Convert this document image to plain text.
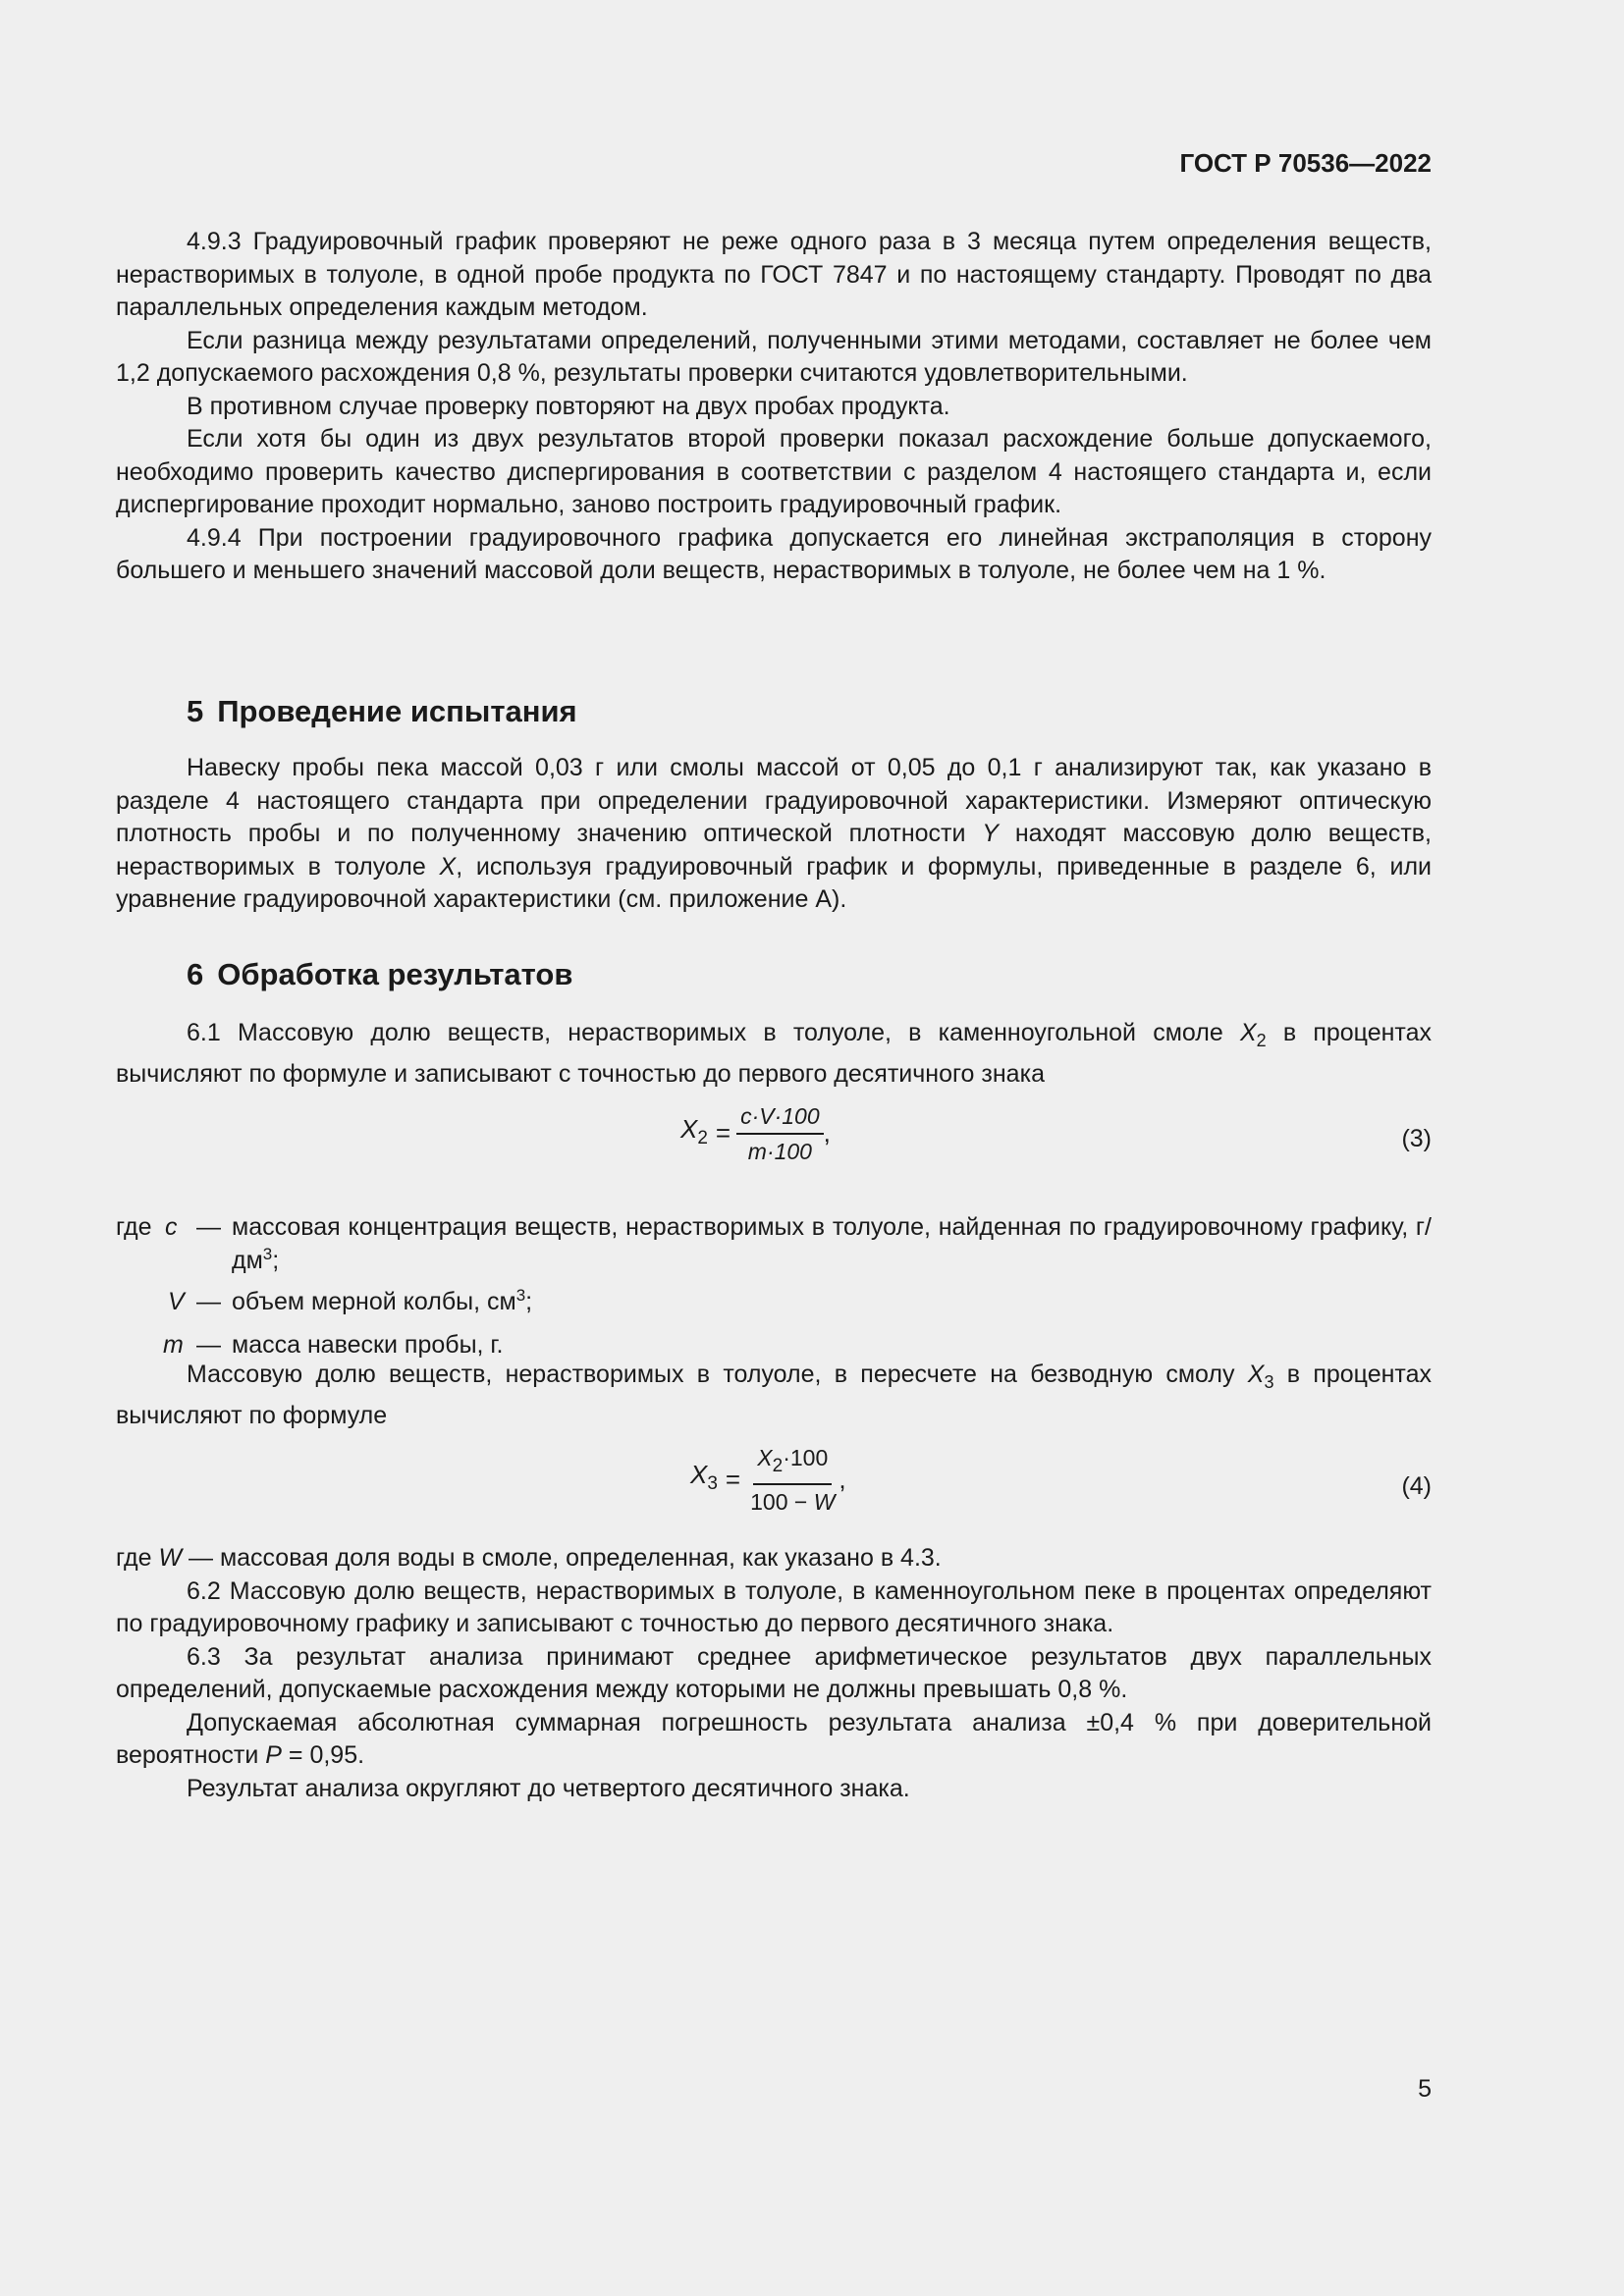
ГОСТ Р 70536—2022

4.9.3 Градуировочный график проверяют не реже одного раза в 3 месяца путем определения веществ, нерастворимых в толуоле, в одной пробе продукта по ГОСТ 7847 и по настоящему стандарту. Проводят по два параллельных определения каждым методом.

Если разница между результатами определений, полученными этими методами, составляет не более чем 1,2 допускаемого расхождения 0,8 %, результаты проверки считаются удовлетворительными.

В противном случае проверку повторяют на двух пробах продукта.

Если хотя бы один из двух результатов второй проверки показал расхождение больше допускаемого, необходимо проверить качество диспергирования в соответствии с разделом 4 настоящего стандарта и, если диспергирование проходит нормально, заново построить градуировочный график.

4.9.4 При построении градуировочного графика допускается его линейная экстраполяция в сторону большего и меньшего значений массовой доли веществ, нерастворимых в толуоле, не более чем на 1 %.

5 Проведение испытания

Навеску пробы пека массой 0,03 г или смолы массой от 0,05 до 0,1 г анализируют так, как указано в разделе 4 настоящего стандарта при определении градуировочной характеристики. Измеряют оптическую плотность пробы и по полученному значению оптической плотности Y находят массовую долю веществ, нерастворимых в толуоле X, используя градуировочный график и формулы, приведенные в разделе 6, или уравнение градуировочной характеристики (см. приложение А).

6 Обработка результатов

6.1 Массовую долю веществ, нерастворимых в толуоле, в каменноугольной смоле $X_2$ в процентах вычисляют по формуле и записывают с точностью до первого десятичного знака

$X_2 = \frac{c\cdot V\cdot 100}{m\cdot 100}$ ,	(3)
где c — массовая концентрация веществ, нерастворимых в толуоле, найденная по градуировочному графику, $г/дм^3$;
V — объем мерной колбы, $см^3$;
m — масса навески пробы, г.

Массовую долю веществ, нерастворимых в толуоле, в пересчете на безводную смолу $X_3$ в процентах вычисляют по формуле

$X_3 = \frac{X_2\cdot 100}{100 - W}$ ,	(4)

где W — массовая доля воды в смоле, определенная, как указано в 4.3.

6.2 Массовую долю веществ, нерастворимых в толуоле, в каменноугольном пеке в процентах определяют по градуировочному графику и записывают с точностью до первого десятичного знака.

6.3 За результат анализа принимают среднее арифметическое результатов двух параллельных определений, допускаемые расхождения между которыми не должны превышать 0,8 %.

Допускаемая абсолютная суммарная погрешность результата анализа ±0,4 % при доверительной вероятности P = 0,95.

Результат анализа округляют до четвертого десятичного знака.

5
